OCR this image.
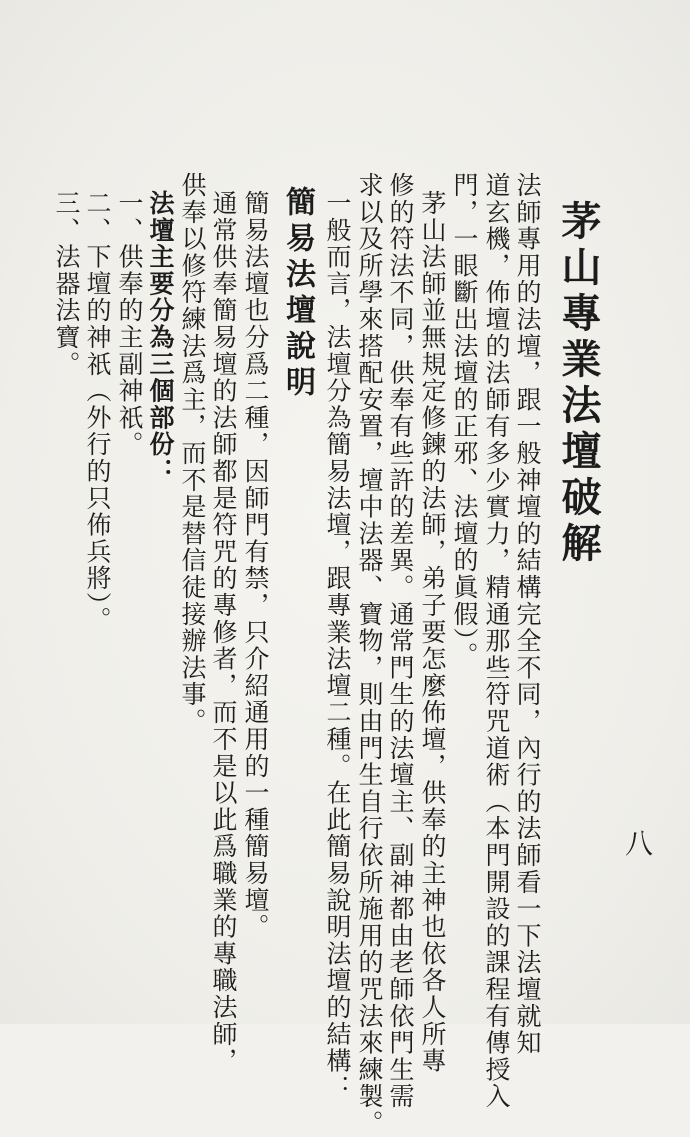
茅山專業法壇破解
法師專用的法壇，跟一般神壇的結構完全不同，內行的法師看一下法壇就知
道玄機，佈壇的法師有多少實力，精通那些符咒道術（本門開設的課程有傳授入
門，一眼斷出法壇的正邪、法壇的眞假）。
茅山法師並無規定修鍊的法師，弟子要怎麼佈壇，供奉的主神也依各人所專
修的符法不同，供奉有些許的差異。通常門生的法壇主、副神都由老師依門生需
求以及所學來搭配安置，壇中法器、寶物，則由門生自行依所施用的咒法來練製。
一般而言，法壇分為簡易法壇，跟專業法壇二種。在此簡易說明法壇的結構：
簡易法壇說明
簡易法壇也分爲二種，因師門有禁，只介紹通用的一種簡易壇。
通常供奉簡易壇的法師都是符咒的專修者，而不是以此爲職業的專職法師，
供奉以修符練法爲主，而不是替信徒接辦法事。
法壇主要分為三個部份：
一、供奉的主副神祇。
二、下壇的神祇（外行的只佈兵將）。
三、法器法寶。
八
